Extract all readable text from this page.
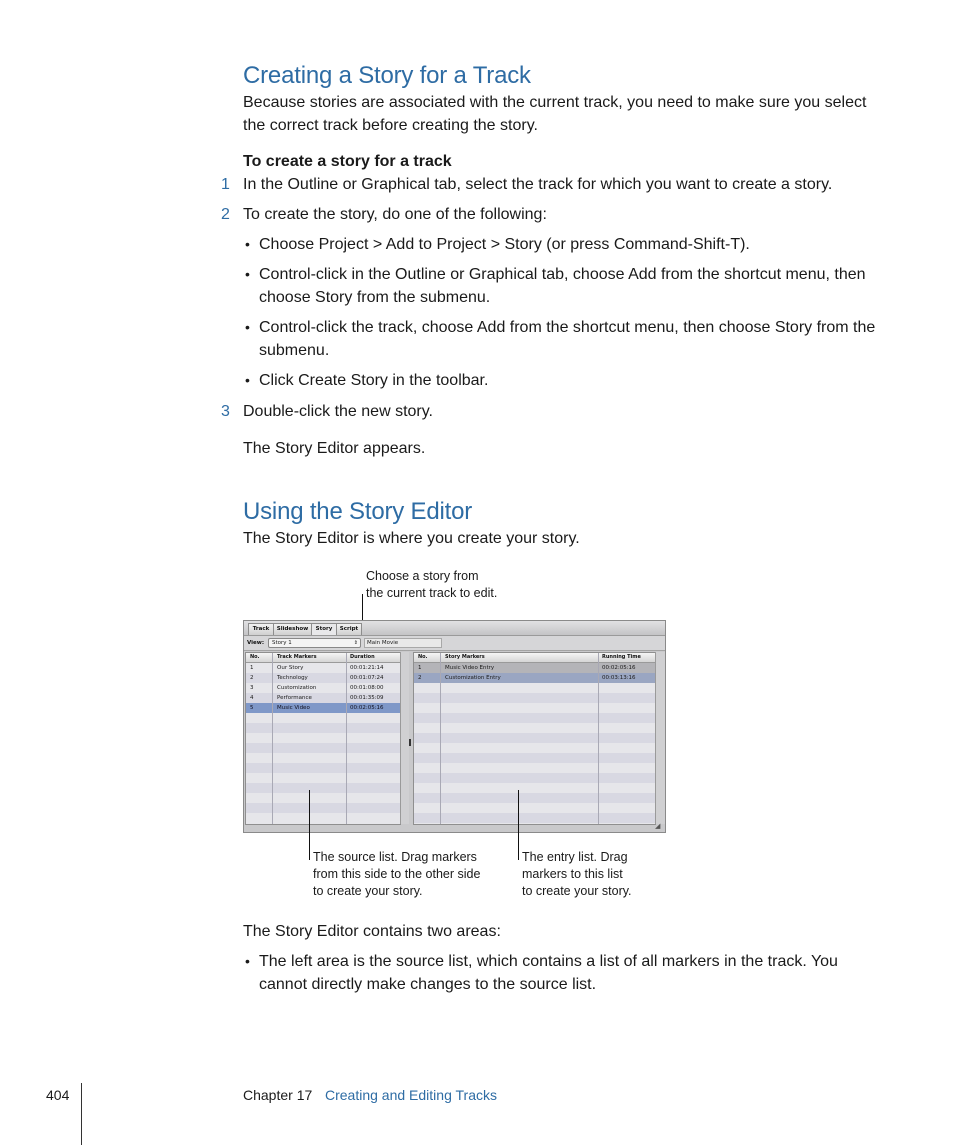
Creating a Story for a Track
Because stories are associated with the current track, you need to make sure you select the correct track before creating the story.
To create a story for a track
1 In the Outline or Graphical tab, select the track for which you want to create a story.
2 To create the story, do one of the following:
• Choose Project > Add to Project > Story (or press Command-Shift-T).
• Control-click in the Outline or Graphical tab, choose Add from the shortcut menu, then choose Story from the submenu.
• Control-click the track, choose Add from the shortcut menu, then choose Story from the submenu.
• Click Create Story in the toolbar.
3 Double-click the new story.
The Story Editor appears.
Using the Story Editor
The Story Editor is where you create your story.
Choose a story from
the current track to edit.
Track	Slideshow	Story	Script
View:	Story 1	⇕	Main Movie
No.	Track Markers	Duration
1	Our Story	00:01:21:14
2	Technology	00:01:07:24
3	Customization	00:01:08:00
4	Performance	00:01:35:09
5	Music Video	00:02:05:16
No.	Story Markers	Running Time
1	Music Video Entry	00:02:05:16
2	Customization Entry	00:03:13:16
◢
The source list. Drag markers
from this side to the other side
to create your story.
The entry list. Drag
markers to this list
to create your story.
The Story Editor contains two areas:
• The left area is the source list, which contains a list of all markers in the track. You cannot directly make changes to the source list.
404	Chapter 17 Creating and Editing Tracks
